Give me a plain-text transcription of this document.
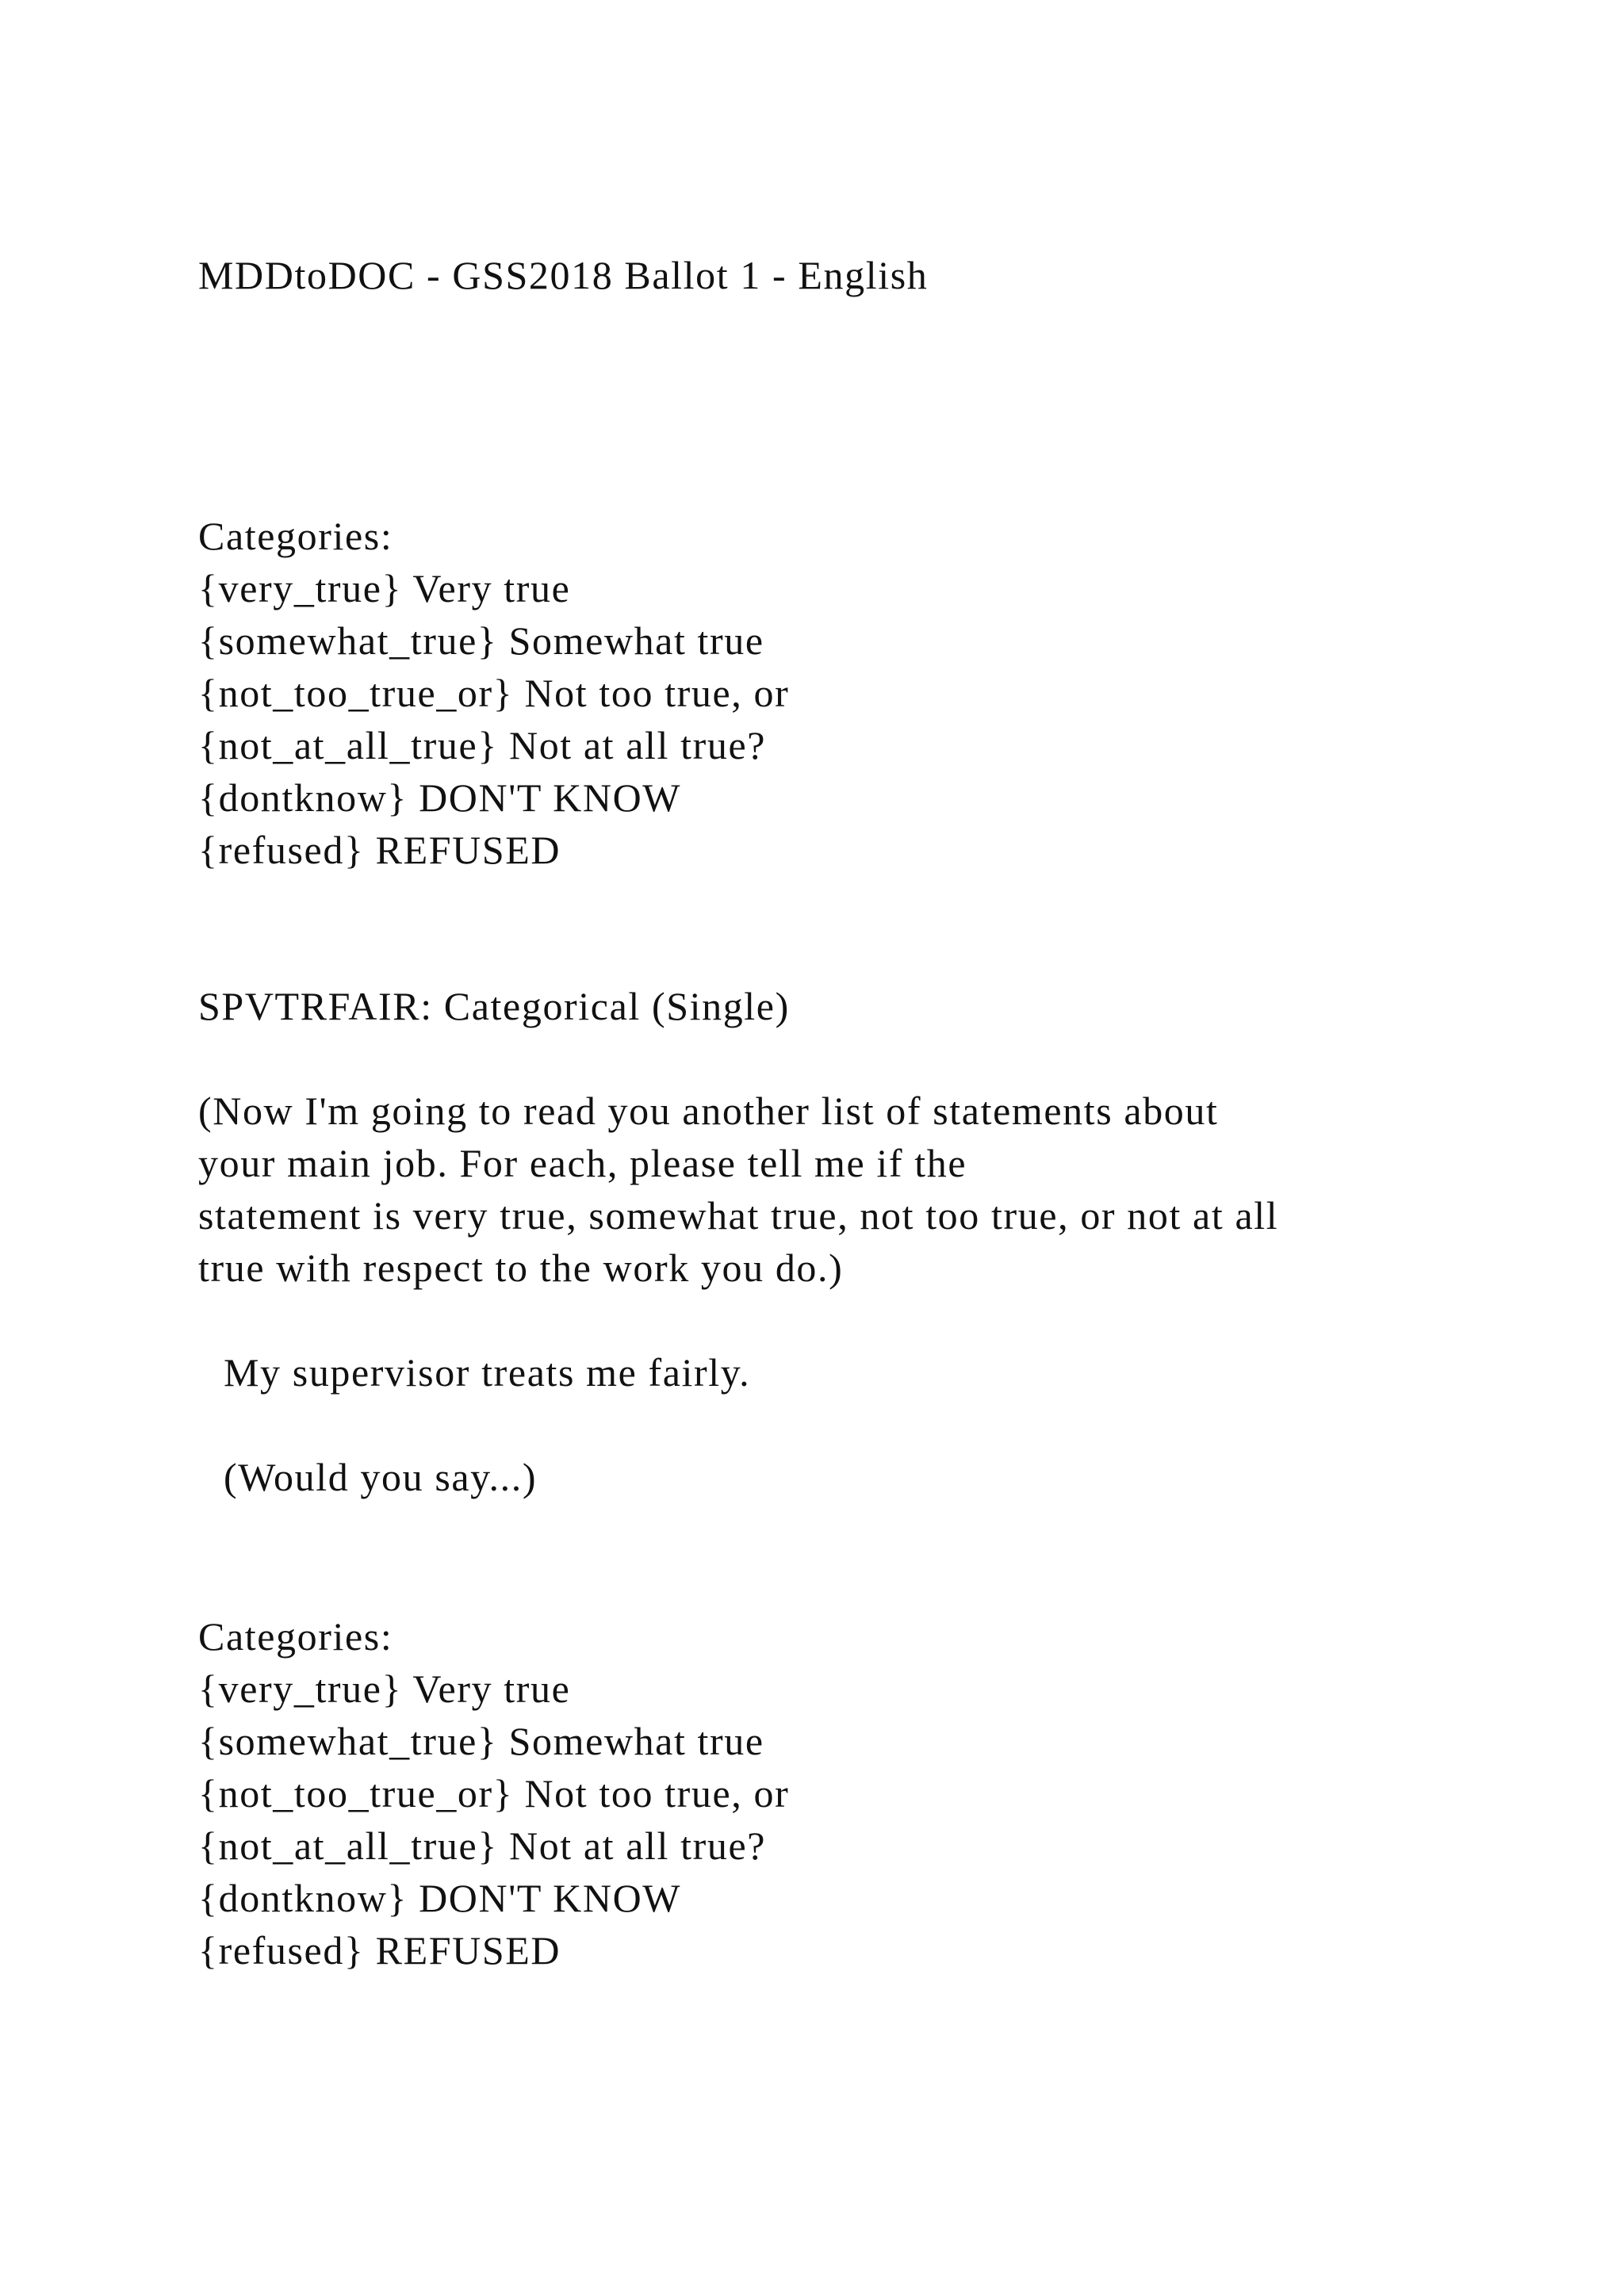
MDDtoDOC - GSS2018 Ballot 1 - English
Categories:
{very_true} Very true
{somewhat_true} Somewhat true
{not_too_true_or} Not too true, or
{not_at_all_true} Not at all true?
{dontknow} DON'T KNOW
{refused} REFUSED
SPVTRFAIR: Categorical (Single)
(Now I'm going to read you another list of statements about
your main job. For each, please tell me if the
statement is very true, somewhat true, not too true, or not at all
true with respect to the work you do.)
My supervisor treats me fairly.
(Would you say...)
Categories:
{very_true} Very true
{somewhat_true} Somewhat true
{not_too_true_or} Not too true, or
{not_at_all_true} Not at all true?
{dontknow} DON'T KNOW
{refused} REFUSED
